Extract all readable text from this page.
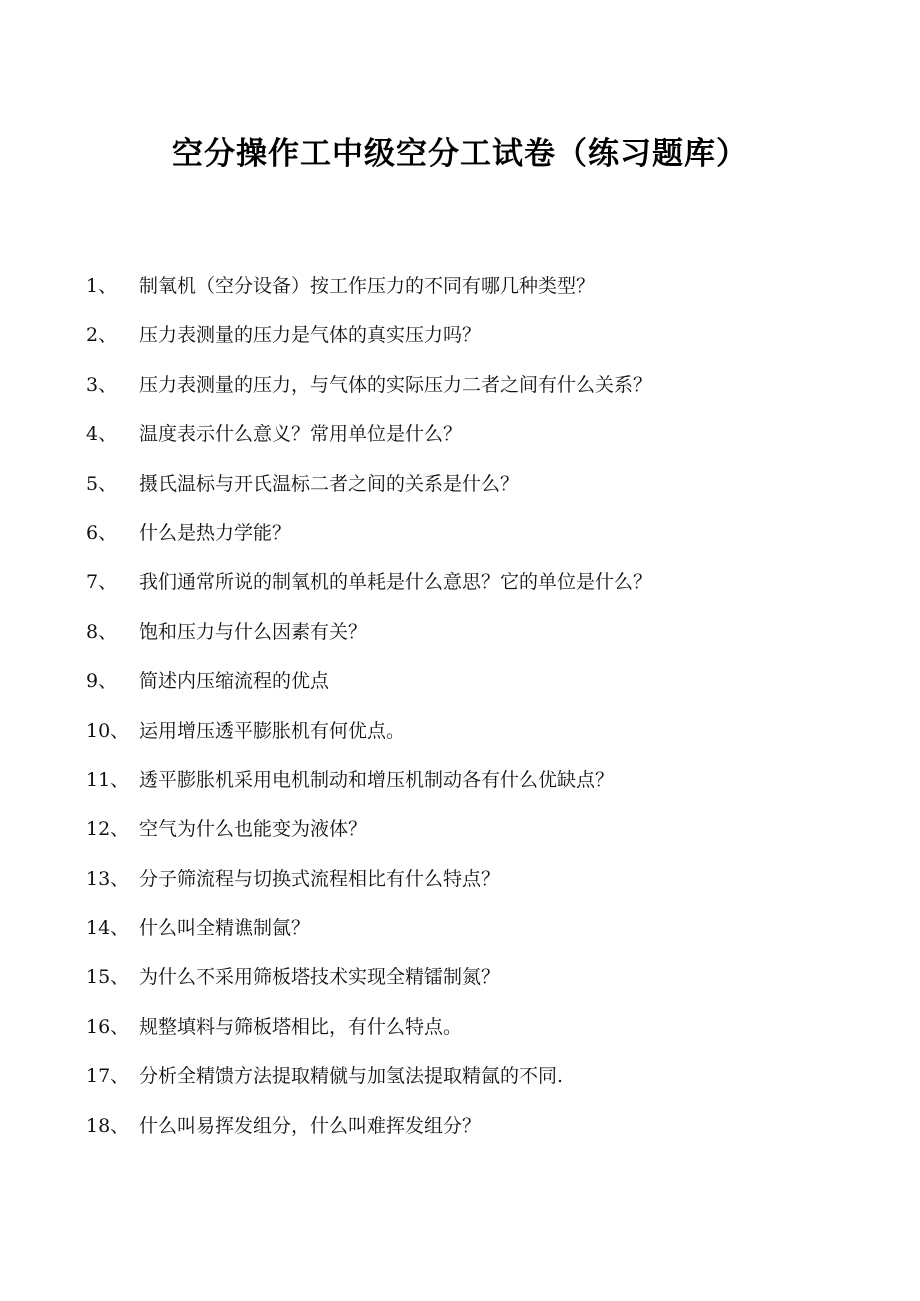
空分操作工中级空分工试卷（练习题库）
1、 制氧机（空分设备）按工作压力的不同有哪几种类型？
2、 压力表测量的压力是气体的真实压力吗？
3、 压力表测量的压力，与气体的实际压力二者之间有什么关系？
4、 温度表示什么意义？常用单位是什么？
5、 摄氏温标与开氏温标二者之间的关系是什么？
6、 什么是热力学能？
7、 我们通常所说的制氧机的单耗是什么意思？它的单位是什么？
8、 饱和压力与什么因素有关？
9、 简述内压缩流程的优点
10、 运用增压透平膨胀机有何优点。
11、 透平膨胀机采用电机制动和增压机制动各有什么优缺点？
12、 空气为什么也能变为液体？
13、 分子筛流程与切换式流程相比有什么特点？
14、 什么叫全精谯制氤？
15、 为什么不采用筛板塔技术实现全精镭制氮？
16、 规整填料与筛板塔相比，有什么特点。
17、 分析全精馈方法提取精僦与加氢法提取精氤的不同.
18、 什么叫易挥发组分，什么叫难挥发组分？
